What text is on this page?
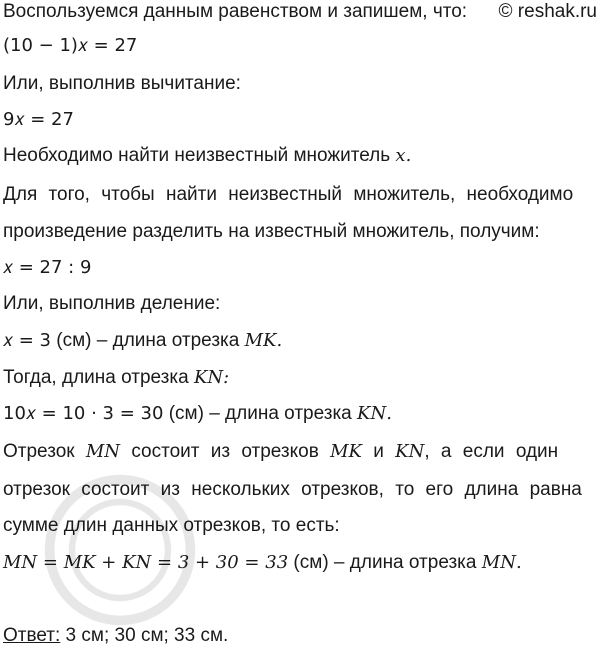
© reshak.ru
Воспользуемся данным равенством и запишем, что:
(10 − 1)𝑥 = 27
Или, выполнив вычитание:
9𝑥 = 27
Необходимо найти неизвестный множитель 𝑥.
Для того, чтобы найти неизвестный множитель, необходимо
произведение разделить на известный множитель, получим:
𝑥 = 27 : 9
Или, выполнив деление:
𝑥 = 3 (см) – длина отрезка 𝑀𝐾.
Тогда, длина отрезка 𝐾𝑁:
10𝑥 = 10 ⋅ 3 = 30 (см) – длина отрезка 𝐾𝑁.
Отрезок 𝑀𝑁 состоит из отрезков 𝑀𝐾 и 𝐾𝑁, а если один
отрезок состоит из нескольких отрезков, то его длина равна
сумме длин данных отрезков, то есть:
𝑀𝑁 = 𝑀𝐾 + 𝐾𝑁 = 3 + 30 = 33 (см) – длина отрезка 𝑀𝑁.
Ответ: 3 см; 30 см; 33 см.
